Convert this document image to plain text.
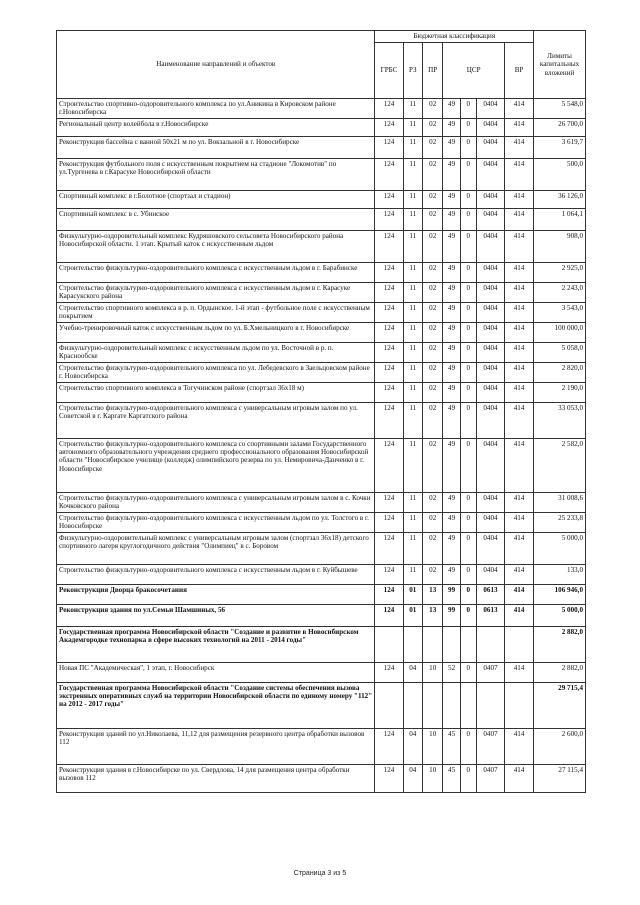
Наименование направлений и объектов	Бюджетная классификация							Лимиты капитальных вложений
	ГРБС	РЗ	ПР	ЦСР			ВР	
Строительство спортивно-оздоровительного комплекса по ул.Аникина в Кировском районе г.Новосибирска	124	11	02	49	0	0404	414	5 548,0
Региональный центр волейбола в г.Новосибирске	124	11	02	49	0	0404	414	26 700,0
Реконструкция бассейна с ванной 50х21 м по ул. Вокзальной в г. Новосибирске	124	11	02	49	0	0404	414	3 619,7
Реконструкция футбольного поля с искусственным покрытием на стадионе "Локомотив" по ул.Тургенева в г.Карасуке Новосибирской области	124	11	02	49	0	0404	414	500,0
Спортивный комплекс в г.Болотное (спортзал и стадион)	124	11	02	49	0	0404	414	36 126,0
Спортивный комплекс в с. Убинское	124	11	02	49	0	0404	414	1 064,1
Физкультурно-оздоровительный комплекс Кудряшовского сельсовета Новосибирского района Новосибирской области. 1 этап. Крытый каток с искусственным льдом	124	11	02	49	0	0404	414	908,0
Строительство физкультурно-оздоровительного комплекса с искусственным льдом в г. Барабинске	124	11	02	49	0	0404	414	2 925,0
Строительство физкультурно-оздоровительного комплекса с искусственным льдом в г. Карасуке Карасукского района	124	11	02	49	0	0404	414	2 243,0
Строительство спортивного комплекса в р. п. Ордынское. 1-й этап - футбольное поле с искусственным покрытием	124	11	02	49	0	0404	414	3 543,0
Учебно-тренировочный каток с искусственным льдом по ул. Б.Хмельницкого в г. Новосибирске	124	11	02	49	0	0404	414	100 000,0
Физкультурно-оздоровительный комплекс с искусственным льдом по ул. Восточной в р. п. Краснообске	124	11	02	49	0	0404	414	5 058,0
Строительство физкультурно-оздоровительного комплекса по ул. Лебедевского в Заельцовском районе г. Новосибирска	124	11	02	49	0	0404	414	2 820,0
Строительство спортивного комплекса в Тогучинском районе (спортзал 36х18 м)	124	11	02	49	0	0404	414	2 190,0
Строительство физкультурно-оздоровительного комплекса с универсальным игровым залом по ул. Советской в г. Каргате Каргатского района	124	11	02	49	0	0404	414	33 053,0
Строительство физкультурно-оздоровительного комплекса со спортивными залами Государственного автономного образовательного учреждения среднего профессионального образования Новосибирской области "Новосибирское училище (колледж) олимпийского резерва по ул. Немировича-Данченко в г. Новосибирске	124	11	02	49	0	0404	414	2 582,0
Строительство физкультурно-оздоровительного комплекса с универсальным игровым залом в с. Кочки Кочковского района	124	11	02	49	0	0404	414	31 008,6
Строительство физкультурно-оздоровительного комплекса с искусственным льдом по ул. Толстого в г. Новосибирске	124	11	02	49	0	0404	414	25 233,8
Физкультурно-оздоровительный комплекс с универсальным игровым залом (спортзал 36х18) детского спортивного лагеря круглогодичного действия "Олимпиец" в с. Боровом	124	11	02	49	0	0404	414	5 000,0
Строительство физкультурно-оздоровительного комплекса с искусственным льдом в г. Куйбышеве	124	11	02	49	0	0404	414	133,0
Реконструкция Дворца бракосочетания	124	01	13	99	0	0613	414	106 946,0
Реконструкция здания по ул.Семьи Шамшиных, 56	124	01	13	99	0	0613	414	5 000,0
Государственная программа Новосибирской области "Создание и развитие в Новосибирском Академгородке технопарка в сфере высоких технологий на 2011 - 2014 годы"								2 882,0
Новая ПС "Академическая", 1 этап, г. Новосибирск	124	04	10	52	0	0407	414	2 882,0
Государственная программа Новосибирской области "Создание системы обеспечения вызова экстренных оперативных служб на территории Новосибирской области по единому номеру "112" на 2012 - 2017 годы"								29 715,4
Реконструкция зданий по ул.Николаева, 11,12 для размещения резервного центра обработки вызовов 112	124	04	10	45	0	0407	414	2 600,0
Реконструкция здания в г.Новосибирске по ул. Свердлова, 14 для размещения центра обработки вызовов 112	124	04	10	45	0	0407	414	27 115,4
Страница 3 из 5
